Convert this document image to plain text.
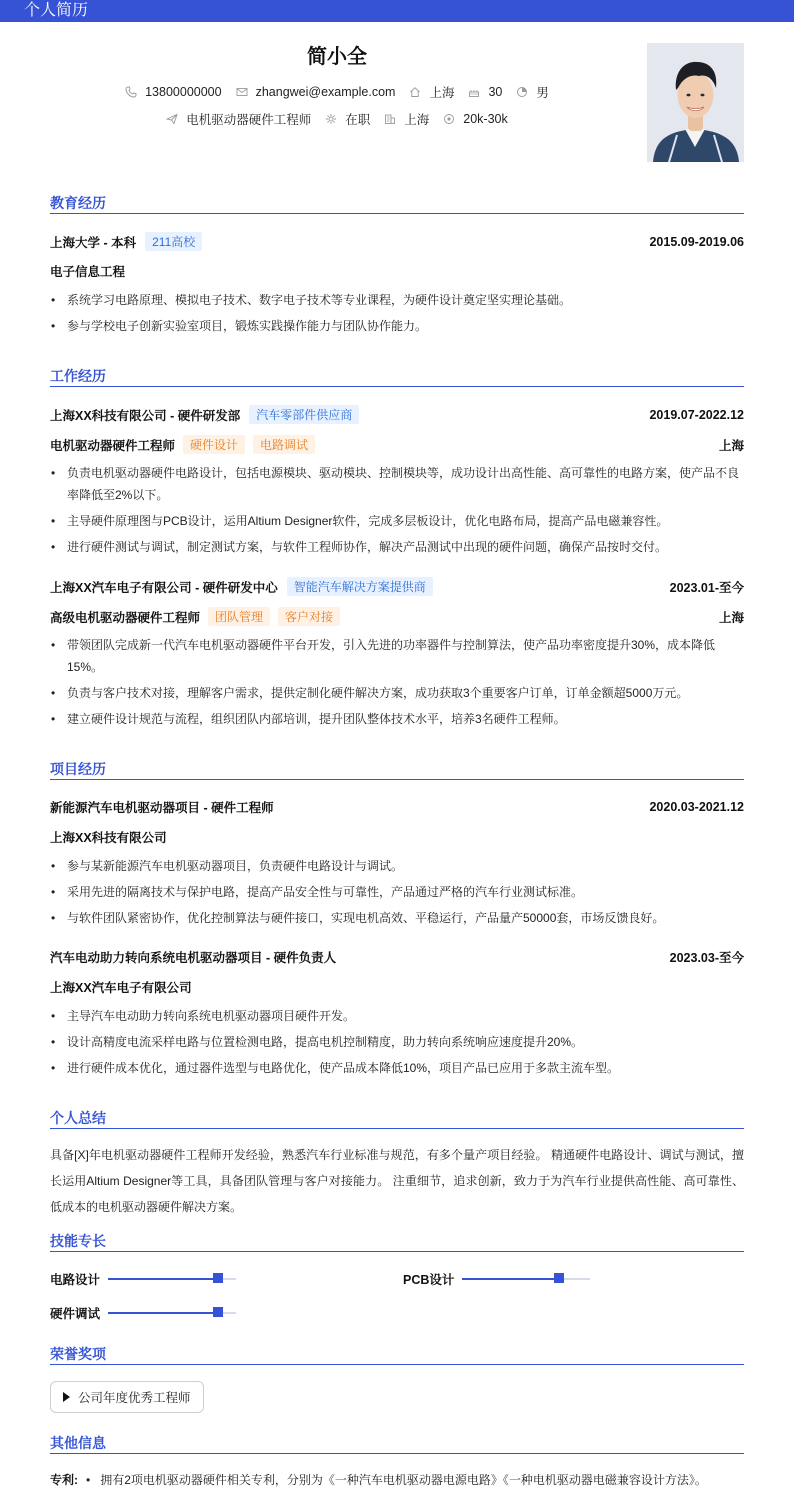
个人简历
简小全
13800000000	zhangwei@example.com	上海	30	男
电机驱动器硬件工程师	在职	上海	20k-30k
教育经历
上海大学 - 本科	211高校	2015.09-2019.06
电子信息工程
• 系统学习电路原理、模拟电子技术、数字电子技术等专业课程，为硬件设计奠定坚实理论基础。
• 参与学校电子创新实验室项目，锻炼实践操作能力与团队协作能力。
工作经历
上海XX科技有限公司 - 硬件研发部	汽车零部件供应商	2019.07-2022.12
电机驱动器硬件工程师	硬件设计	电路调试	上海
• 负责电机驱动器硬件电路设计，包括电源模块、驱动模块、控制模块等，成功设计出高性能、高可靠性的电路方案，使产品不良率降低至2%以下。
• 主导硬件原理图与PCB设计，运用Altium Designer软件，完成多层板设计，优化电路布局，提高产品电磁兼容性。
• 进行硬件测试与调试，制定测试方案，与软件工程师协作，解决产品测试中出现的硬件问题，确保产品按时交付。
上海XX汽车电子有限公司 - 硬件研发中心	智能汽车解决方案提供商	2023.01-至今
高级电机驱动器硬件工程师	团队管理	客户对接	上海
• 带领团队完成新一代汽车电机驱动器硬件平台开发，引入先进的功率器件与控制算法，使产品功率密度提升30%，成本降低15%。
• 负责与客户技术对接，理解客户需求，提供定制化硬件解决方案，成功获取3个重要客户订单，订单金额超5000万元。
• 建立硬件设计规范与流程，组织团队内部培训，提升团队整体技术水平，培养3名硬件工程师。
项目经历
新能源汽车电机驱动器项目 - 硬件工程师	2020.03-2021.12
上海XX科技有限公司
• 参与某新能源汽车电机驱动器项目，负责硬件电路设计与调试。
• 采用先进的隔离技术与保护电路，提高产品安全性与可靠性，产品通过严格的汽车行业测试标准。
• 与软件团队紧密协作，优化控制算法与硬件接口，实现电机高效、平稳运行，产品量产50000套，市场反馈良好。
汽车电动助力转向系统电机驱动器项目 - 硬件负责人	2023.03-至今
上海XX汽车电子有限公司
• 主导汽车电动助力转向系统电机驱动器项目硬件开发。
• 设计高精度电流采样电路与位置检测电路，提高电机控制精度，助力转向系统响应速度提升20%。
• 进行硬件成本优化，通过器件选型与电路优化，使产品成本降低10%，项目产品已应用于多款主流车型。
个人总结
具备[X]年电机驱动器硬件工程师开发经验，熟悉汽车行业标准与规范，有多个量产项目经验。 精通硬件电路设计、调试与测试，擅长运用Altium Designer等工具，具备团队管理与客户对接能力。 注重细节，追求创新，致力于为汽车行业提供高性能、高可靠性、低成本的电机驱动器硬件解决方案。
技能专长
电路设计	PCB设计
硬件调试
荣誉奖项
公司年度优秀工程师
其他信息
专利: • 拥有2项电机驱动器硬件相关专利，分别为《一种汽车电机驱动器电源电路》《一种电机驱动器电磁兼容设计方法》。
